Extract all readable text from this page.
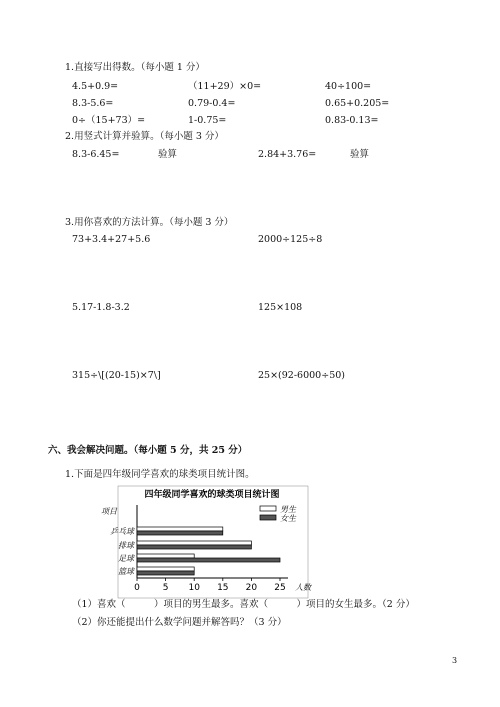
1.直接写出得数。（每小题 1 分）
4.5+0.9=	（11+29）×0=	40÷100=
8.3-5.6=	0.79-0.4=	0.65+0.205=
0÷（15+73）=	1-0.75=	0.83-0.13=
2.用竖式计算并验算。（每小题 3 分）
8.3-6.45=	验算	2.84+3.76=	验算
3.用你喜欢的方法计算。（每小题 3 分）
73+3.4+27+5.6	2000÷125÷8
5.17-1.8-3.2	125×108
315÷\[(20-15)×7\]	25×(92-6000÷50)
六、我会解决问题。（每小题 5 分，共 25 分）
1.下面是四年级同学喜欢的球类项目统计图。
四年级同学喜欢的球类项目统计图
项目
人数
0	5 10 15 20 25
乒乓球
排球
足球
篮球
男生
女生
（1）喜欢（　　　）项目的男生最多。喜欢（　　　）项目的女生最多。（2 分）
（2）你还能提出什么数学问题并解答吗？（3 分）
3
